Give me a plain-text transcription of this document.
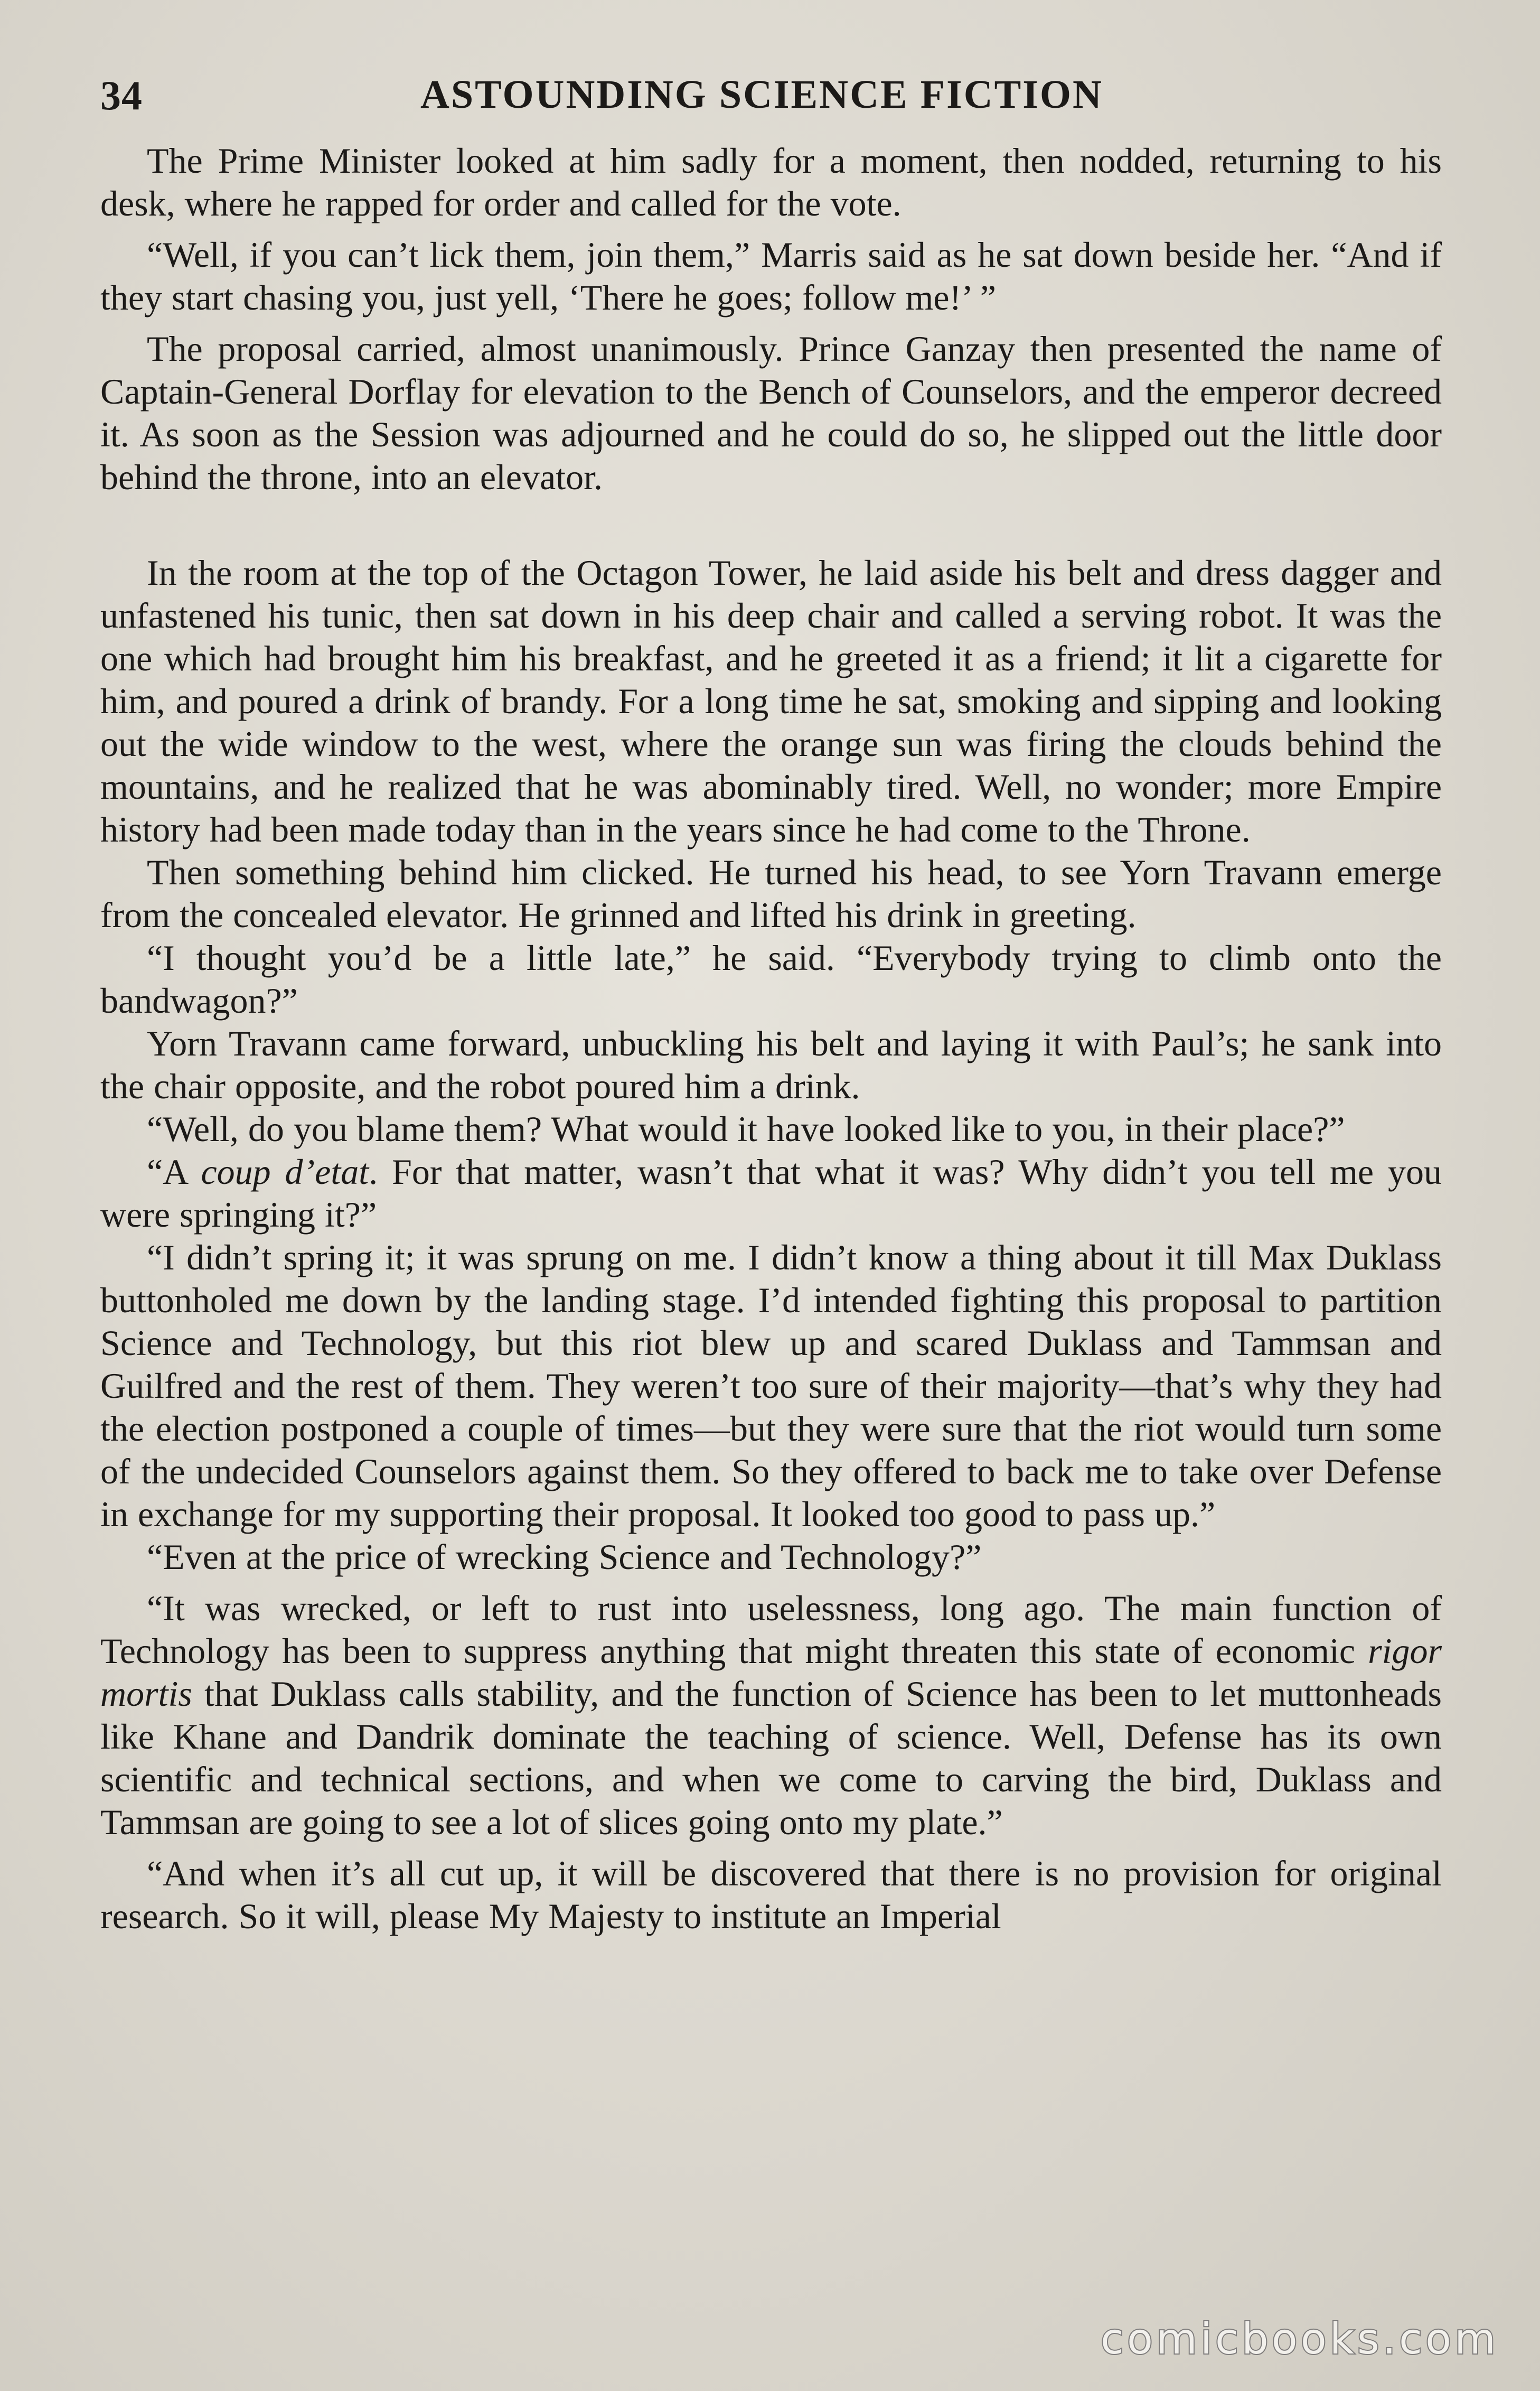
34	ASTOUNDING SCIENCE FICTION

The Prime Minister looked at him sadly for a moment, then nodded, returning to his desk, where he rapped for order and called for the vote.

“Well, if you can’t lick them, join them,” Marris said as he sat down beside her. “And if they start chasing you, just yell, ‘There he goes; follow me!’ ”

The proposal carried, almost unanimously. Prince Ganzay then presented the name of Captain-General Dorflay for elevation to the Bench of Counselors, and the emperor decreed it. As soon as the Session was adjourned and he could do so, he slipped out the little door behind the throne, into an elevator.

In the room at the top of the Octagon Tower, he laid aside his belt and dress dagger and unfastened his tunic, then sat down in his deep chair and called a serving robot. It was the one which had brought him his breakfast, and he greeted it as a friend; it lit a cigarette for him, and poured a drink of brandy. For a long time he sat, smoking and sipping and looking out the wide window to the west, where the orange sun was firing the clouds behind the mountains, and he realized that he was abominably tired. Well, no wonder; more Empire history had been made today than in the years since he had come to the Throne.

Then something behind him clicked. He turned his head, to see Yorn Travann emerge from the concealed elevator. He grinned and lifted his drink in greeting.

“I thought you’d be a little late,” he said. “Everybody trying to climb onto the bandwagon?”

Yorn Travann came forward, unbuckling his belt and laying it with Paul’s; he sank into the chair opposite, and the robot poured him a drink.

“Well, do you blame them? What would it have looked like to you, in their place?”

“A coup d’etat. For that matter, wasn’t that what it was? Why didn’t you tell me you were springing it?”

“I didn’t spring it; it was sprung on me. I didn’t know a thing about it till Max Duklass buttonholed me down by the landing stage. I’d intended fighting this proposal to partition Science and Technology, but this riot blew up and scared Duklass and Tammsan and Guilfred and the rest of them. They weren’t too sure of their majority—that’s why they had the election postponed a couple of times—but they were sure that the riot would turn some of the undecided Counselors against them. So they offered to back me to take over Defense in exchange for my supporting their proposal. It looked too good to pass up.”

“Even at the price of wrecking Science and Technology?”

“It was wrecked, or left to rust into uselessness, long ago. The main function of Technology has been to suppress anything that might threaten this state of economic rigor mortis that Duklass calls stability, and the function of Science has been to let muttonheads like Khane and Dandrik dominate the teaching of science. Well, Defense has its own scientific and technical sections, and when we come to carving the bird, Duklass and Tammsan are going to see a lot of slices going onto my plate.”

“And when it’s all cut up, it will be discovered that there is no provision for original research. So it will, please My Majesty to institute an Imperial

comicbooks.com
